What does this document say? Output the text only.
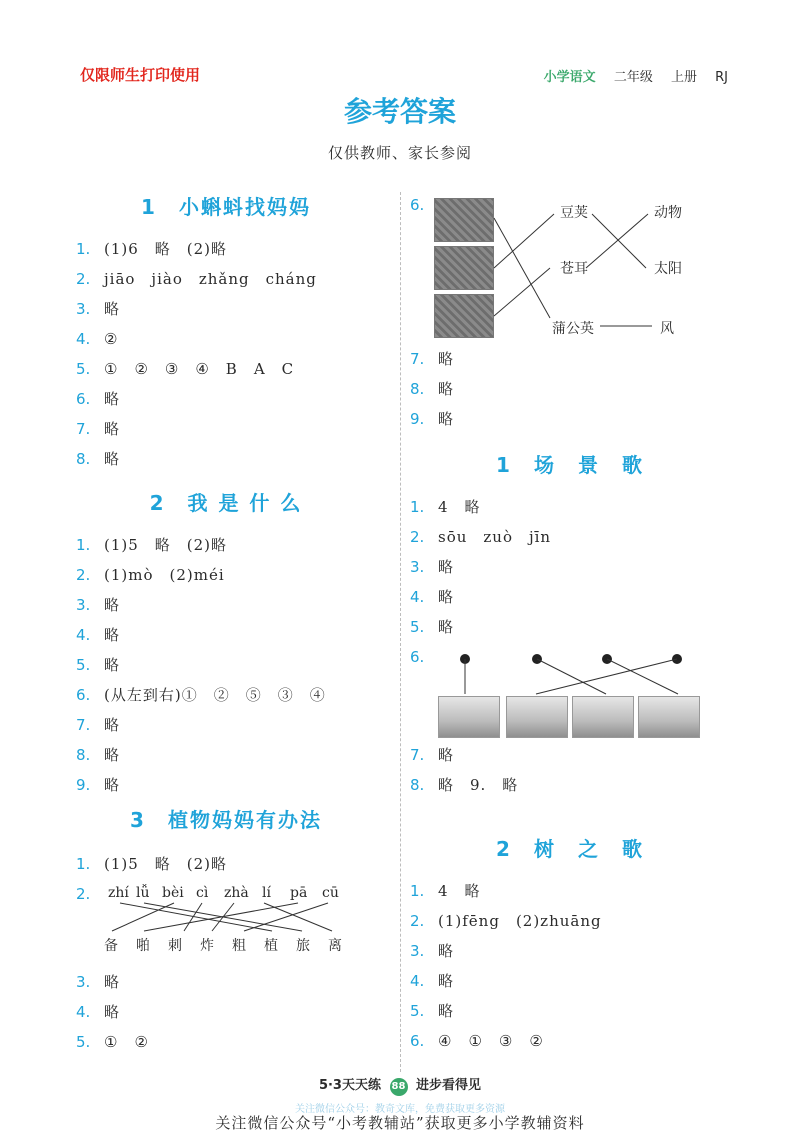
仅限师生打印使用	小学语文 二年级 上册 RJ
参考答案
仅供教师、家长参阅
1　小蝌蚪找妈妈
1. (1)6　略　(2)略
2. jiāo　jiào　zhǎng　cháng
3. 略
4. ②
5. ①　②　③　④　B　A　C
6. 略
7. 略
8. 略
2　我 是 什 么
1. (1)5　略　(2)略
2. (1)mò　(2)méi
3. 略
4. 略
5. 略
6. (从左到右)①　②　⑤　③　④
7. 略
8. 略
9. 略
3　植物妈妈有办法
1. (1)5　略　(2)略
2.	zhí lǚ bèi cì zhà lí pā cū
备 啪 刺 炸 粗 植 旅 离
3. 略
4. 略
5. ①　②
6.	豆荚
苍耳
蒲公英
动物
太阳
风
7. 略
8. 略
9. 略
1　场　景　歌
1. 4　略
2. sōu　zuò　jīn
3. 略
4. 略
5. 略
6.
7. 略
8. 略　9.　略
2　树　之　歌
1. 4　略
2. (1)fēng　(2)zhuāng
3. 略
4. 略
5. 略
6. ④　①　③　②
5·3天天练 88 进步看得见
关注微信公众号：教奇文库，免费获取更多资源
关注微信公众号“小考教辅站”获取更多小学教辅资料
